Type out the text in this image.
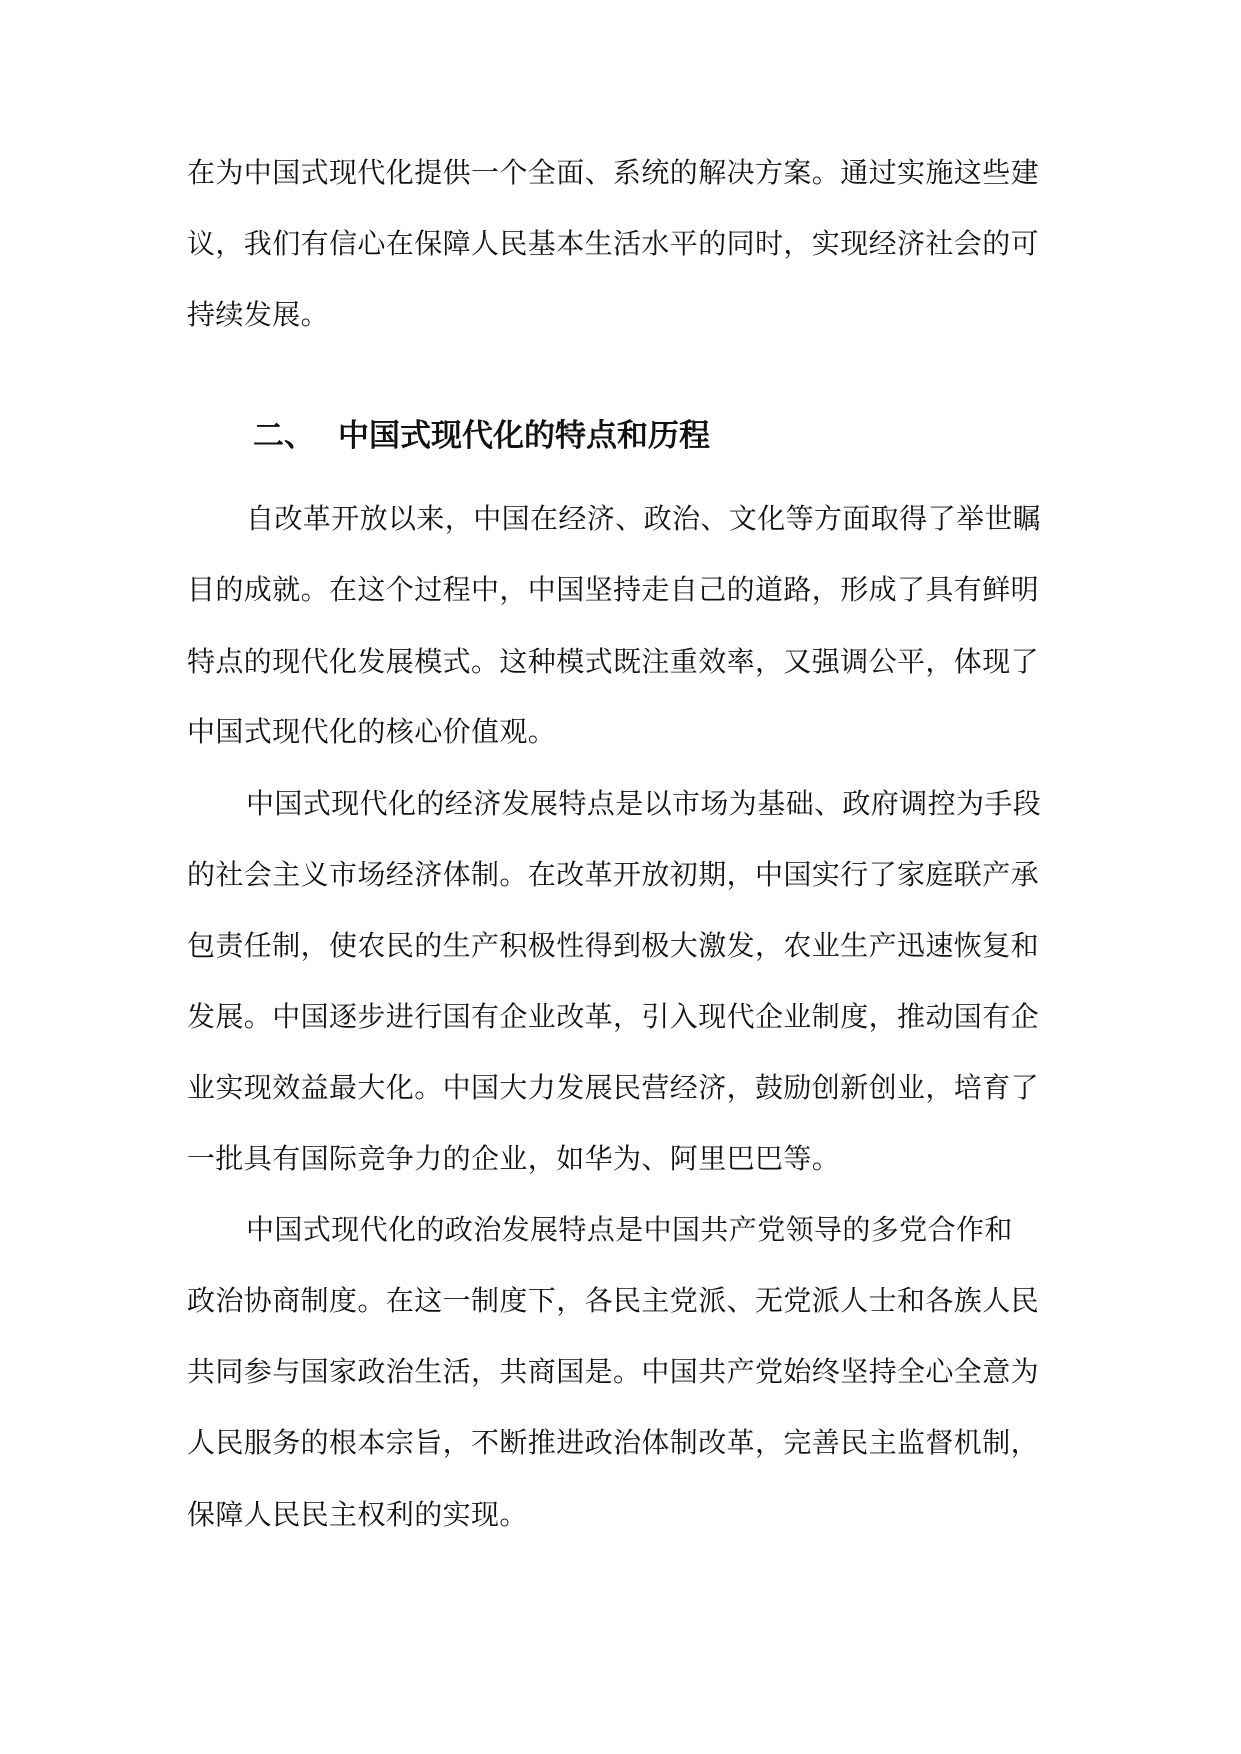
在为中国式现代化提供一个全面、系统的解决方案。通过实施这些建
议，我们有信心在保障人民基本生活水平的同时，实现经济社会的可
持续发展。
二、 中国式现代化的特点和历程
自改革开放以来，中国在经济、政治、文化等方面取得了举世瞩
目的成就。在这个过程中，中国坚持走自己的道路，形成了具有鲜明
特点的现代化发展模式。这种模式既注重效率，又强调公平，体现了
中国式现代化的核心价值观。
中国式现代化的经济发展特点是以市场为基础、政府调控为手段
的社会主义市场经济体制。在改革开放初期，中国实行了家庭联产承
包责任制，使农民的生产积极性得到极大激发，农业生产迅速恢复和
发展。中国逐步进行国有企业改革，引入现代企业制度，推动国有企
业实现效益最大化。中国大力发展民营经济，鼓励创新创业，培育了
一批具有国际竞争力的企业，如华为、阿里巴巴等。
中国式现代化的政治发展特点是中国共产党领导的多党合作和
政治协商制度。在这一制度下，各民主党派、无党派人士和各族人民
共同参与国家政治生活，共商国是。中国共产党始终坚持全心全意为
人民服务的根本宗旨，不断推进政治体制改革，完善民主监督机制，
保障人民民主权利的实现。
